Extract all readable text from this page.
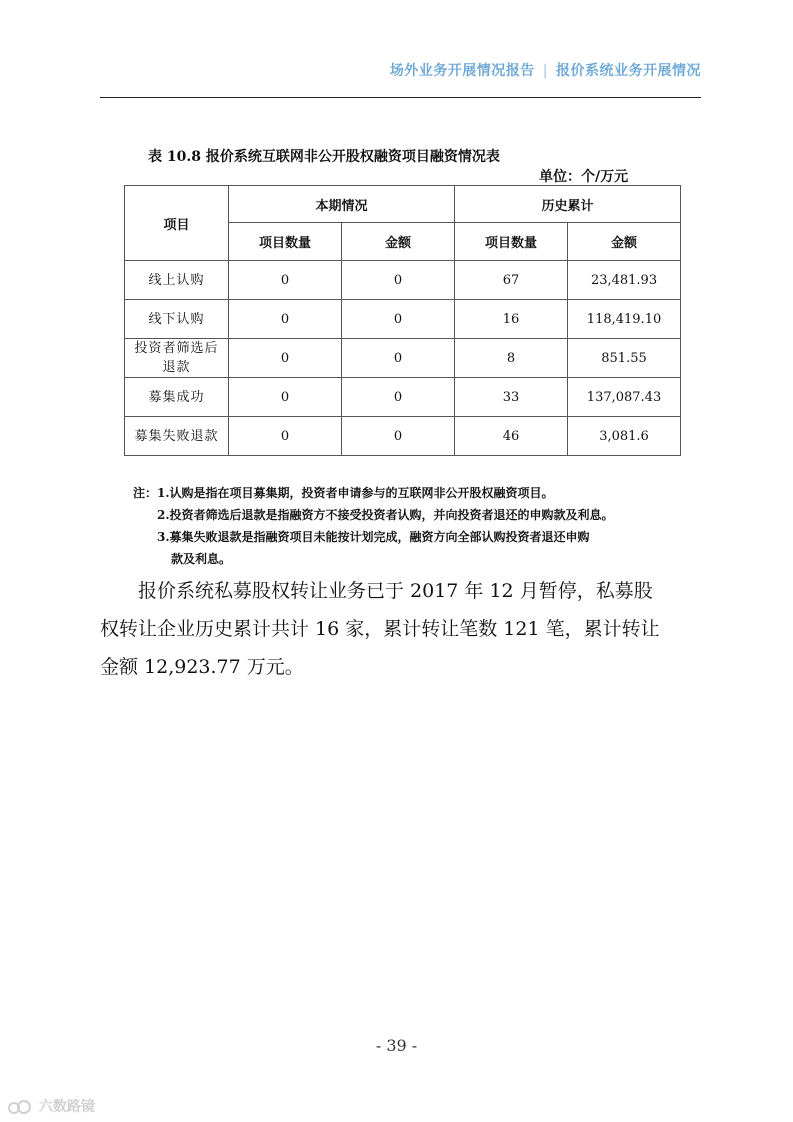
场外业务开展情况报告 | 报价系统业务开展情况
表 10.8 报价系统互联网非公开股权融资项目融资情况表
单位：个/万元
项目	本期情况		历史累计	
	项目数量	金额	项目数量	金额
线上认购	0	0	67	23,481.93
线下认购	0	0	16	118,419.10
投资者筛选后退款	0	0	8	851.55
募集成功	0	0	33	137,087.43
募集失败退款	0	0	46	3,081.6
注：1.认购是指在项目募集期，投资者申请参与的互联网非公开股权融资项目。
2.投资者筛选后退款是指融资方不接受投资者认购，并向投资者退还的申购款及利息。
3.募集失败退款是指融资项目未能按计划完成，融资方向全部认购投资者退还申购
款及利息。
报价系统私募股权转让业务已于 2017 年 12 月暂停，私募股
权转让企业历史累计共计 16 家，累计转让笔数 121 笔，累计转让
金额 12,923.77 万元。
- 39 -
六数路镜
